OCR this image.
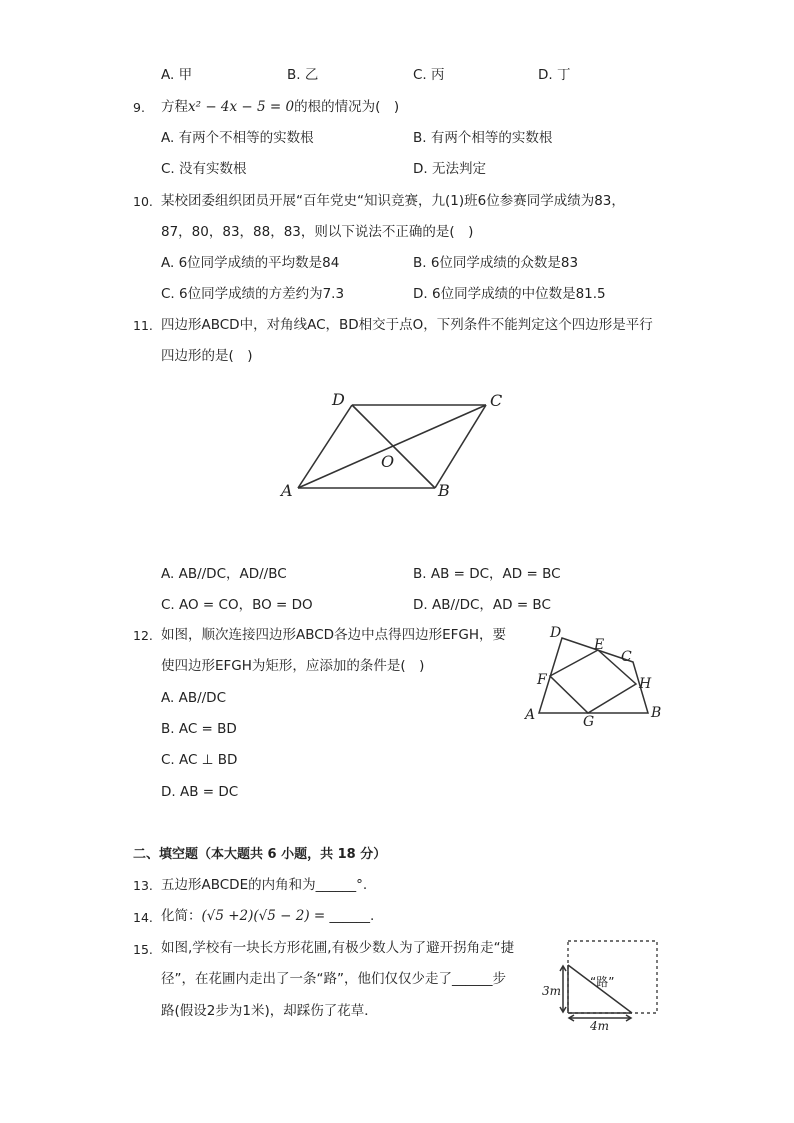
A. 甲	B. 乙	C. 丙	D. 丁
9. 方程x² − 4x − 5 = 0的根的情况为(　)
A. 有两个不相等的实数根	B. 有两个相等的实数根
C. 没有实数根	D. 无法判定
10. 某校团委组织团员开展“百年党史“知识竞赛，九(1)班6位参赛同学成绩为83，
87，80，83，88，83，则以下说法不正确的是(　)
A. 6位同学成绩的平均数是84	B. 6位同学成绩的众数是83
C. 6位同学成绩的方差约为7.3	D. 6位同学成绩的中位数是81.5
11. 四边形ABCD中，对角线AC，BD相交于点O，下列条件不能判定这个四边形是平行
四边形的是(　)
D	C
O
A	B
A. AB//DC，AD//BC	B. AB = DC，AD = BC
C. AO = CO，BO = DO	D. AB//DC，AD = BC
12. 如图，顺次连接四边形ABCD各边中点得四边形EFGH，要
使四边形EFGH为矩形，应添加的条件是(　)
A. AB//DC
B. AC = BD
C. AC ⊥ BD
D. AB = DC
D
E
C
F	H
A	G
B
二、填空题（本大题共 6 小题，共 18 分）
13. 五边形ABCDE的内角和为______°.
14. 化简：(√5 +2)(√5 − 2) = ______.
15. 如图,学校有一块长方形花圃,有极少数人为了避开拐角走“捷
径”，在花圃内走出了一条“路”，他们仅仅少走了______步
路(假设2步为1米)，却踩伤了花草．
“路”
3m
4m
